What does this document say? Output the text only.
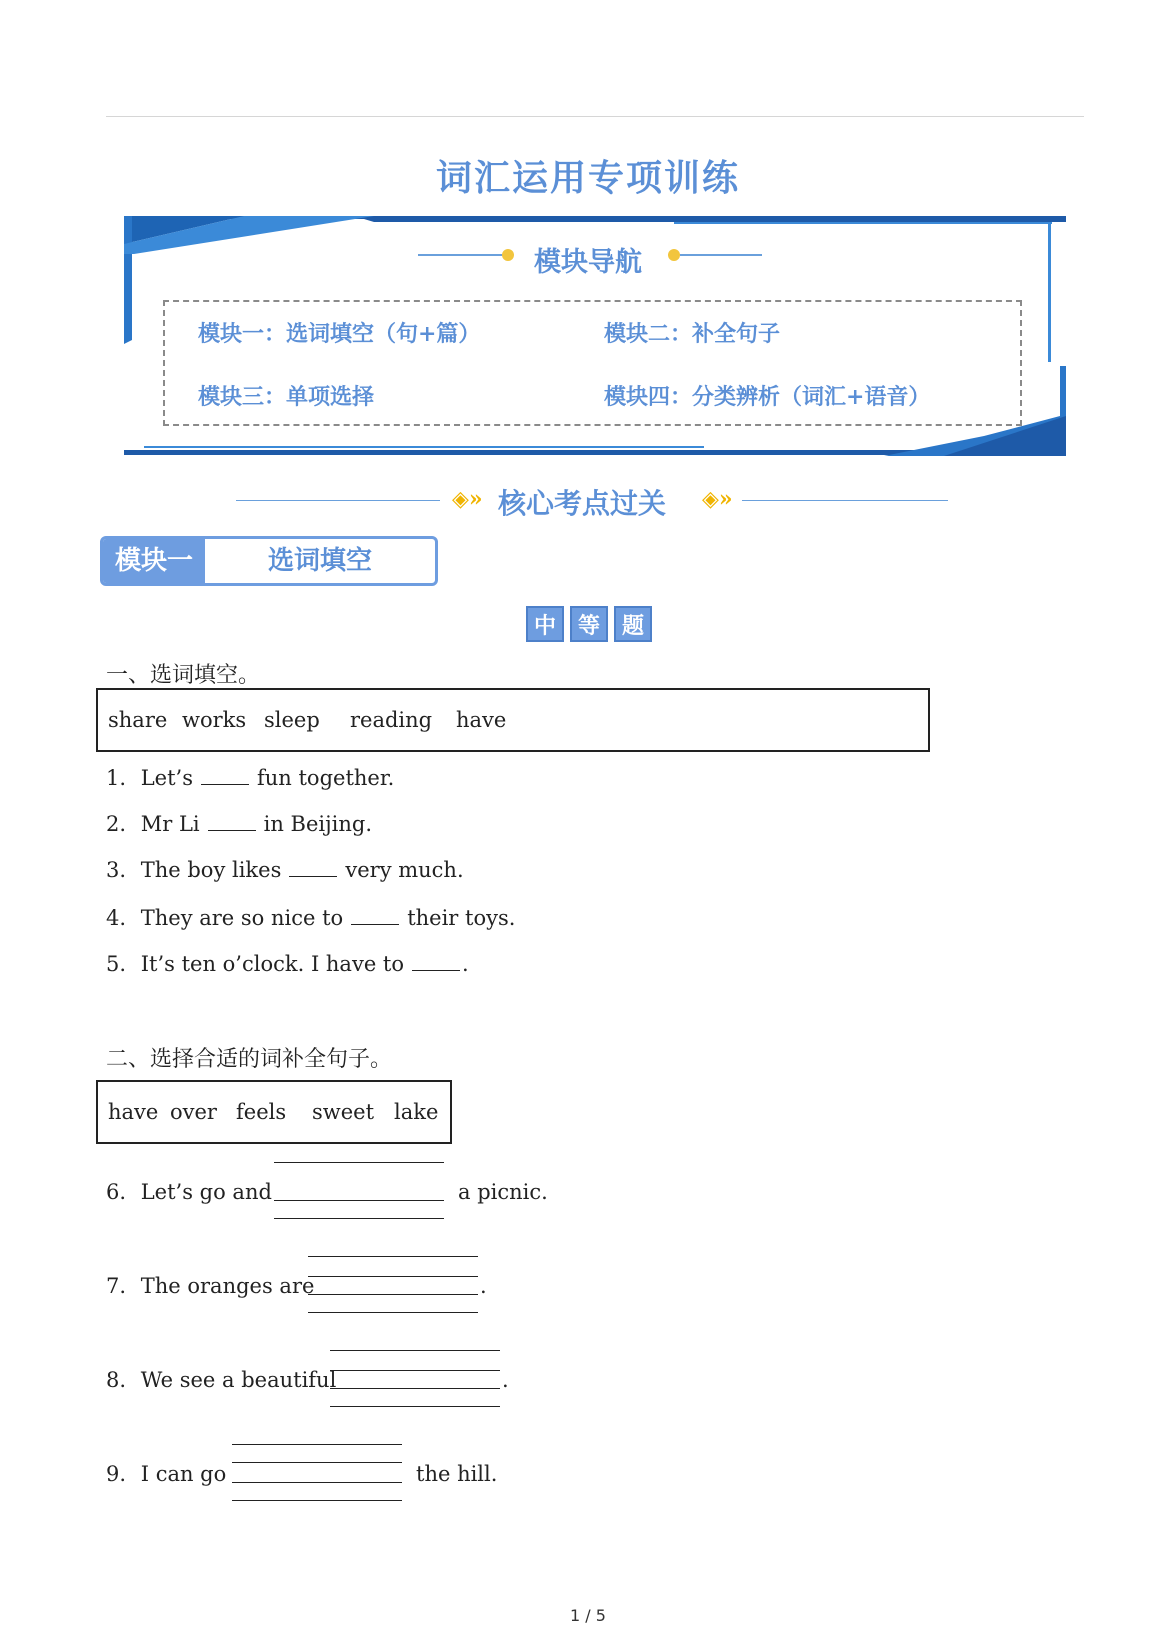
词汇运用专项训练
模块导航
模块一：选词填空（句+篇）	模块二：补全句子
模块三：单项选择	模块四：分类辨析（词汇+语音）
◈» 核心考点过关 ◈»
模块一	选词填空
中 等 题
一、选词填空。
share works sleep reading have
1. Let’s	fun together.
2. Mr Li	in Beijing.
3. The boy likes	very much.
4. They are so nice to	their toys.
5. It’s ten o’clock. I have to	.
二、选择合适的词补全句子。
have over feels sweet lake
6. Let’s go and	a picnic.
7. The oranges are	.
8. We see a beautiful	.
9. I can go	the hill.
1 / 5
